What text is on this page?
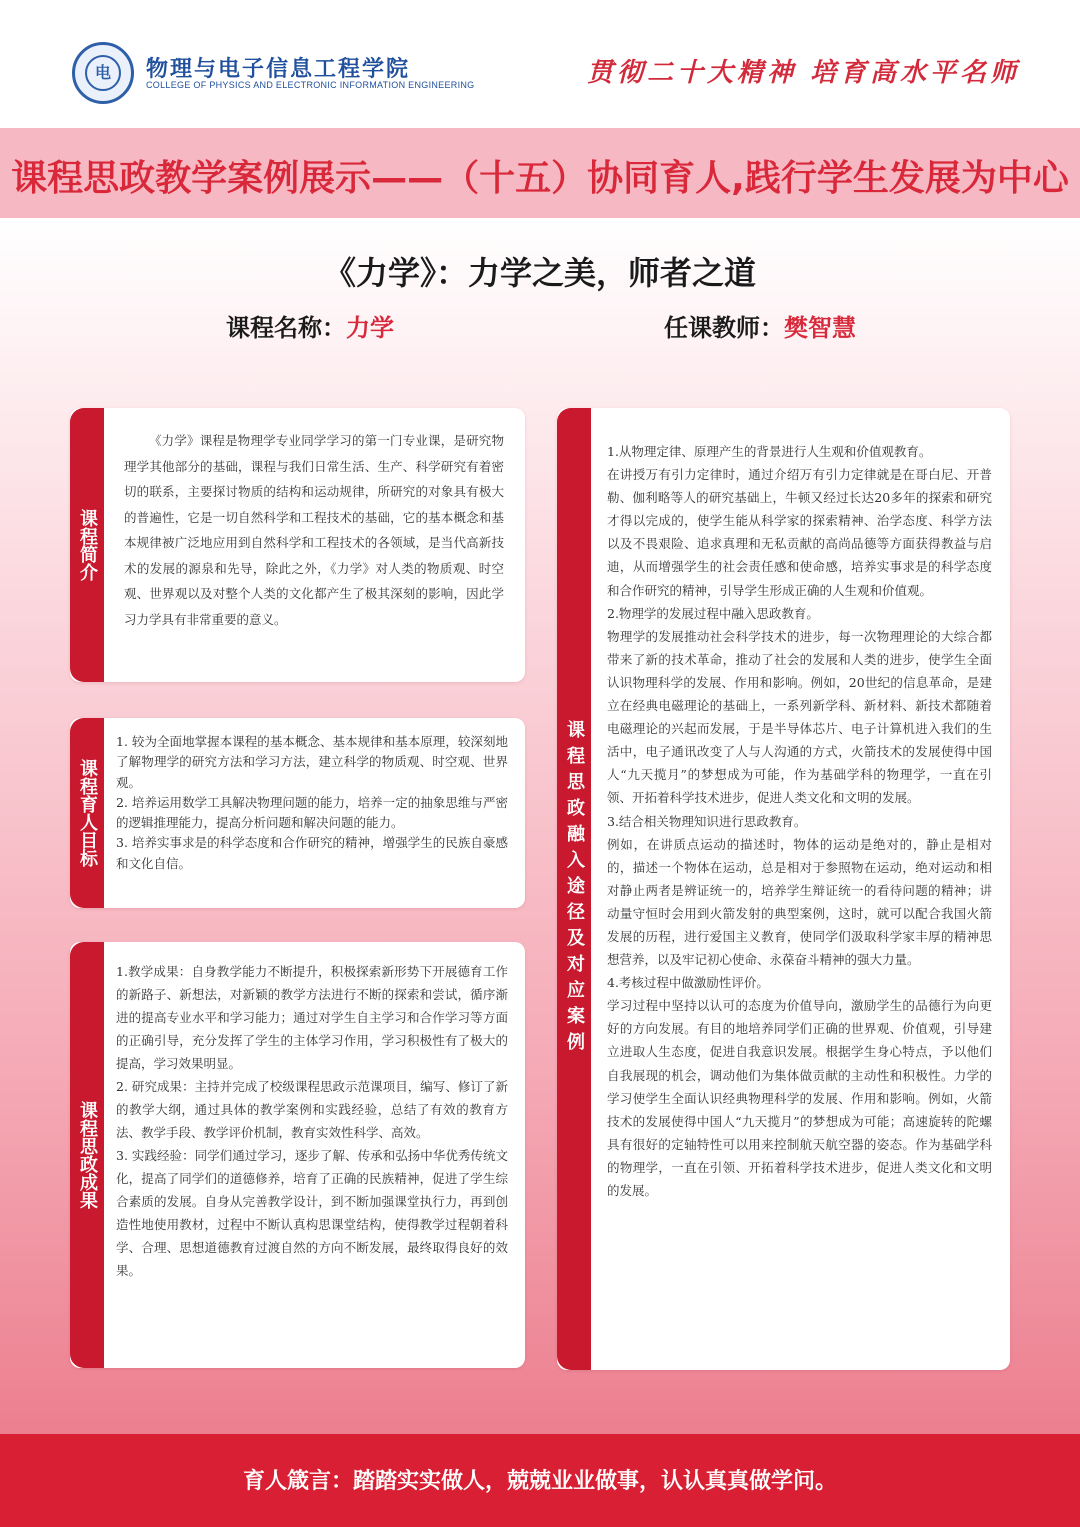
电	物理与电子信息工程学院
COLLEGE OF PHYSICS AND ELECTRONIC INFORMATION ENGINEERING	贯彻二十大精神 培育高水平名师
课程思政教学案例展示——（十五）协同育人,践行学生发展为中心
《力学》：力学之美，师者之道
课程名称：力学	任课教师：樊智慧
课程简介

《力学》课程是物理学专业同学学习的第一门专业课，是研究物理学其他部分的基础，课程与我们日常生活、生产、科学研究有着密切的联系，主要探讨物质的结构和运动规律，所研究的对象具有极大的普遍性，它是一切自然科学和工程技术的基础，它的基本概念和基本规律被广泛地应用到自然科学和工程技术的各领域，是当代高新技术的发展的源泉和先导，除此之外，《力学》对人类的物质观、时空观、世界观以及对整个人类的文化都产生了极其深刻的影响，因此学习力学具有非常重要的意义。

课程育人目标

1. 较为全面地掌握本课程的基本概念、基本规律和基本原理，较深刻地了解物理学的研究方法和学习方法，建立科学的物质观、时空观、世界观。

2. 培养运用数学工具解决物理问题的能力，培养一定的抽象思维与严密的逻辑推理能力，提高分析问题和解决问题的能力。

3. 培养实事求是的科学态度和合作研究的精神，增强学生的民族自豪感和文化自信。

课程思政成果

1.教学成果：自身教学能力不断提升，积极探索新形势下开展德育工作的新路子、新想法，对新颖的教学方法进行不断的探索和尝试，循序渐进的提高专业水平和学习能力；通过对学生自主学习和合作学习等方面的正确引导，充分发挥了学生的主体学习作用，学习积极性有了极大的提高，学习效果明显。

2. 研究成果：主持并完成了校级课程思政示范课项目，编写、修订了新的教学大纲，通过具体的教学案例和实践经验，总结了有效的教育方法、教学手段、教学评价机制，教育实效性科学、高效。

3. 实践经验：同学们通过学习，逐步了解、传承和弘扬中华优秀传统文化，提高了同学们的道德修养，培育了正确的民族精神，促进了学生综合素质的发展。自身从完善教学设计，到不断加强课堂执行力，再到创造性地使用教材，过程中不断认真构思课堂结构，使得教学过程朝着科学、合理、思想道德教育过渡自然的方向不断发展，最终取得良好的效果。

课程思政融入途径及对应案例

1.从物理定律、原理产生的背景进行人生观和价值观教育。

在讲授万有引力定律时，通过介绍万有引力定律就是在哥白尼、开普勒、伽利略等人的研究基础上，牛顿又经过长达20多年的探索和研究才得以完成的，使学生能从科学家的探索精神、治学态度、科学方法以及不畏艰险、追求真理和无私贡献的高尚品德等方面获得教益与启迪，从而增强学生的社会责任感和使命感，培养实事求是的科学态度和合作研究的精神，引导学生形成正确的人生观和价值观。

2.物理学的发展过程中融入思政教育。

物理学的发展推动社会科学技术的进步，每一次物理理论的大综合都带来了新的技术革命，推动了社会的发展和人类的进步，使学生全面认识物理科学的发展、作用和影响。例如，20世纪的信息革命，是建立在经典电磁理论的基础上，一系列新学科、新材料、新技术都随着电磁理论的兴起而发展，于是半导体芯片、电子计算机进入我们的生活中，电子通讯改变了人与人沟通的方式，火箭技术的发展使得中国人“九天揽月”的梦想成为可能，作为基础学科的物理学，一直在引领、开拓着科学技术进步，促进人类文化和文明的发展。

3.结合相关物理知识进行思政教育。

例如，在讲质点运动的描述时，物体的运动是绝对的，静止是相对的，描述一个物体在运动，总是相对于参照物在运动，绝对运动和相对静止两者是辨证统一的，培养学生辩证统一的看待问题的精神；讲动量守恒时会用到火箭发射的典型案例，这时，就可以配合我国火箭发展的历程，进行爱国主义教育，使同学们汲取科学家丰厚的精神思想营养，以及牢记初心使命、永葆奋斗精神的强大力量。

4.考核过程中做激励性评价。

学习过程中坚持以认可的态度为价值导向，激励学生的品德行为向更好的方向发展。有目的地培养同学们正确的世界观、价值观，引导建立进取人生态度，促进自我意识发展。根据学生身心特点，予以他们自我展现的机会，调动他们为集体做贡献的主动性和积极性。力学的学习使学生全面认识经典物理科学的发展、作用和影响。例如，火箭技术的发展使得中国人“九天揽月”的梦想成为可能；高速旋转的陀螺具有很好的定轴特性可以用来控制航天航空器的姿态。作为基础学科的物理学，一直在引领、开拓着科学技术进步，促进人类文化和文明的发展。

育人箴言：踏踏实实做人，兢兢业业做事，认认真真做学问。
